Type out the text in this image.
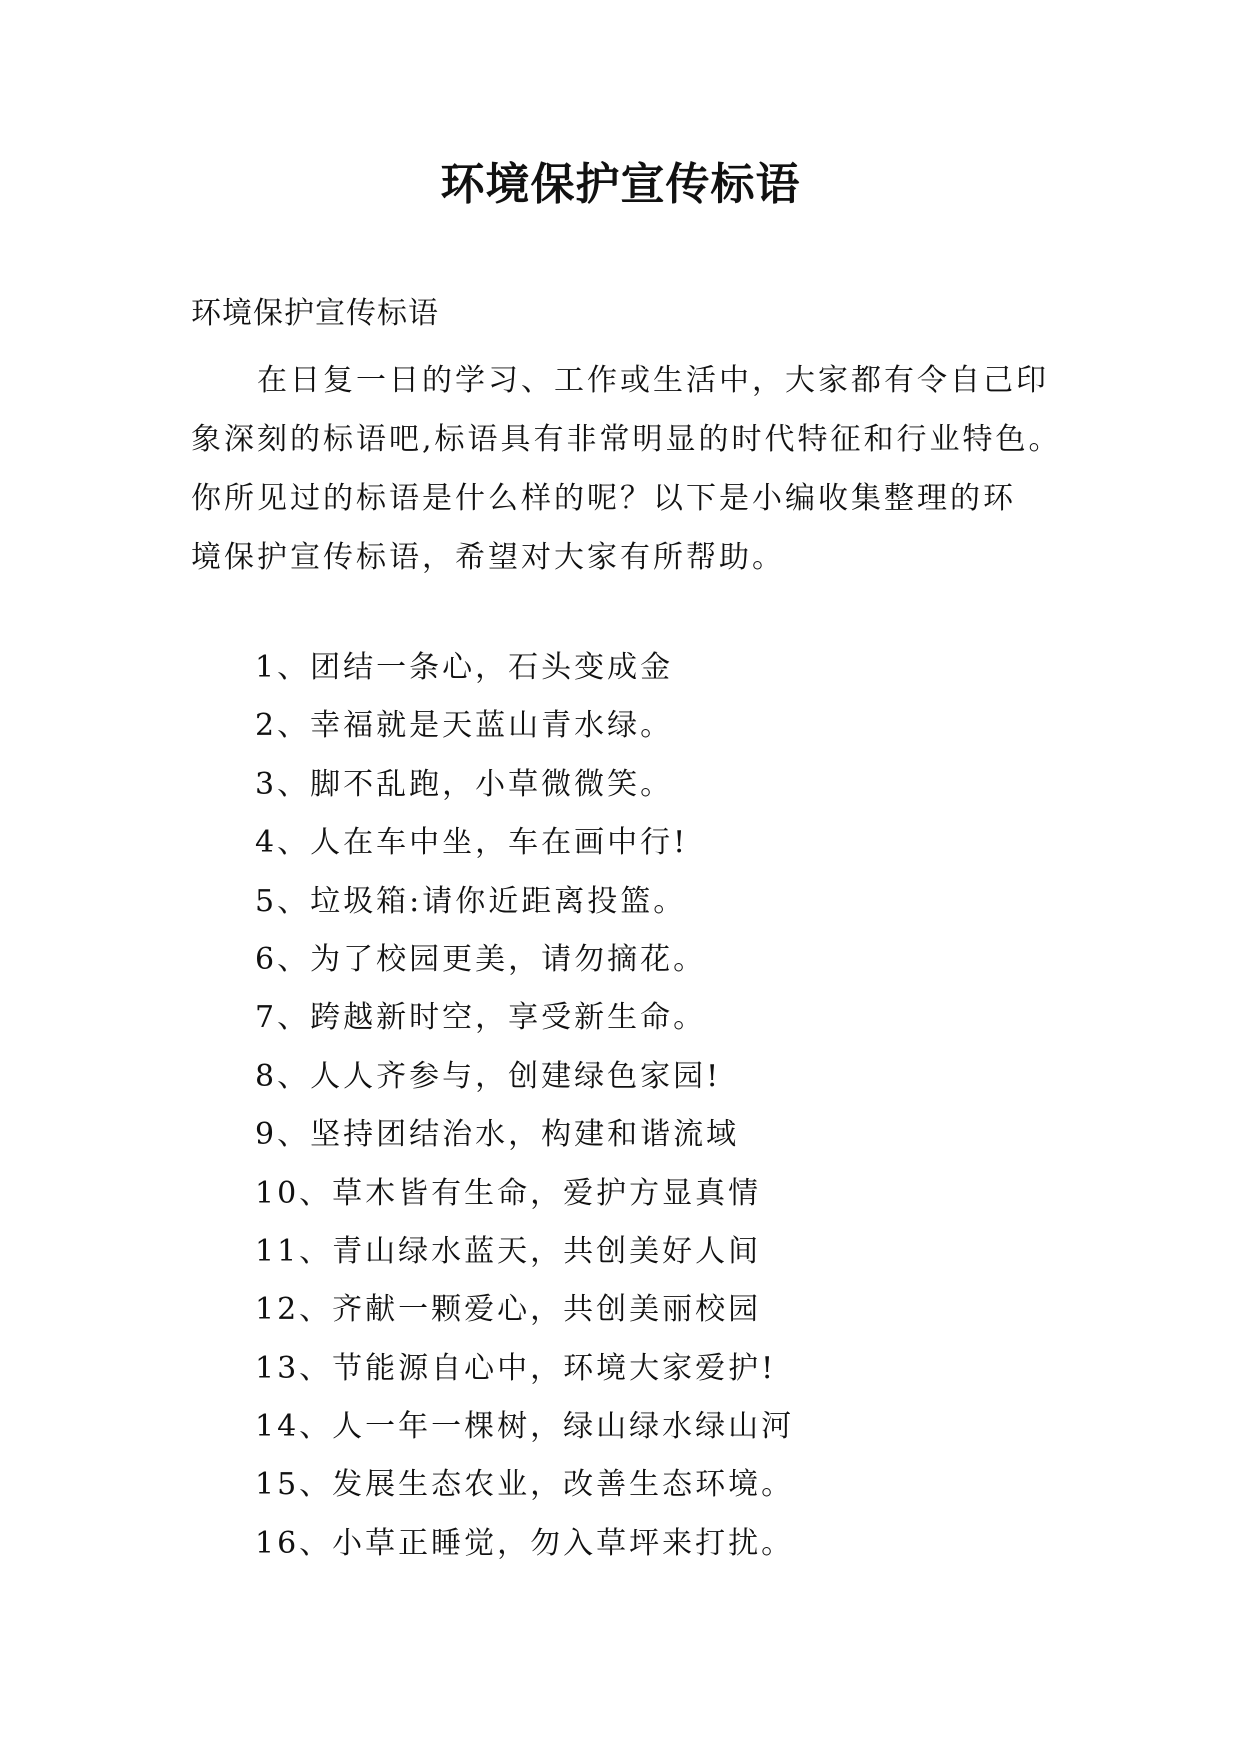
环境保护宣传标语

环境保护宣传标语

　　在日复一日的学习、工作或生活中，大家都有令自己印
象深刻的标语吧,标语具有非常明显的时代特征和行业特色。
你所见过的标语是什么样的呢？以下是小编收集整理的环
境保护宣传标语，希望对大家有所帮助。

1、团结一条心，石头变成金
2、幸福就是天蓝山青水绿。
3、脚不乱跑，小草微微笑。
4、人在车中坐，车在画中行!
5、垃圾箱:请你近距离投篮。
6、为了校园更美，请勿摘花。
7、跨越新时空，享受新生命。
8、人人齐参与，创建绿色家园!
9、坚持团结治水，构建和谐流域
10、草木皆有生命，爱护方显真情
11、青山绿水蓝天，共创美好人间
12、齐献一颗爱心，共创美丽校园
13、节能源自心中，环境大家爱护!
14、人一年一棵树，绿山绿水绿山河
15、发展生态农业，改善生态环境。
16、小草正睡觉，勿入草坪来打扰。
